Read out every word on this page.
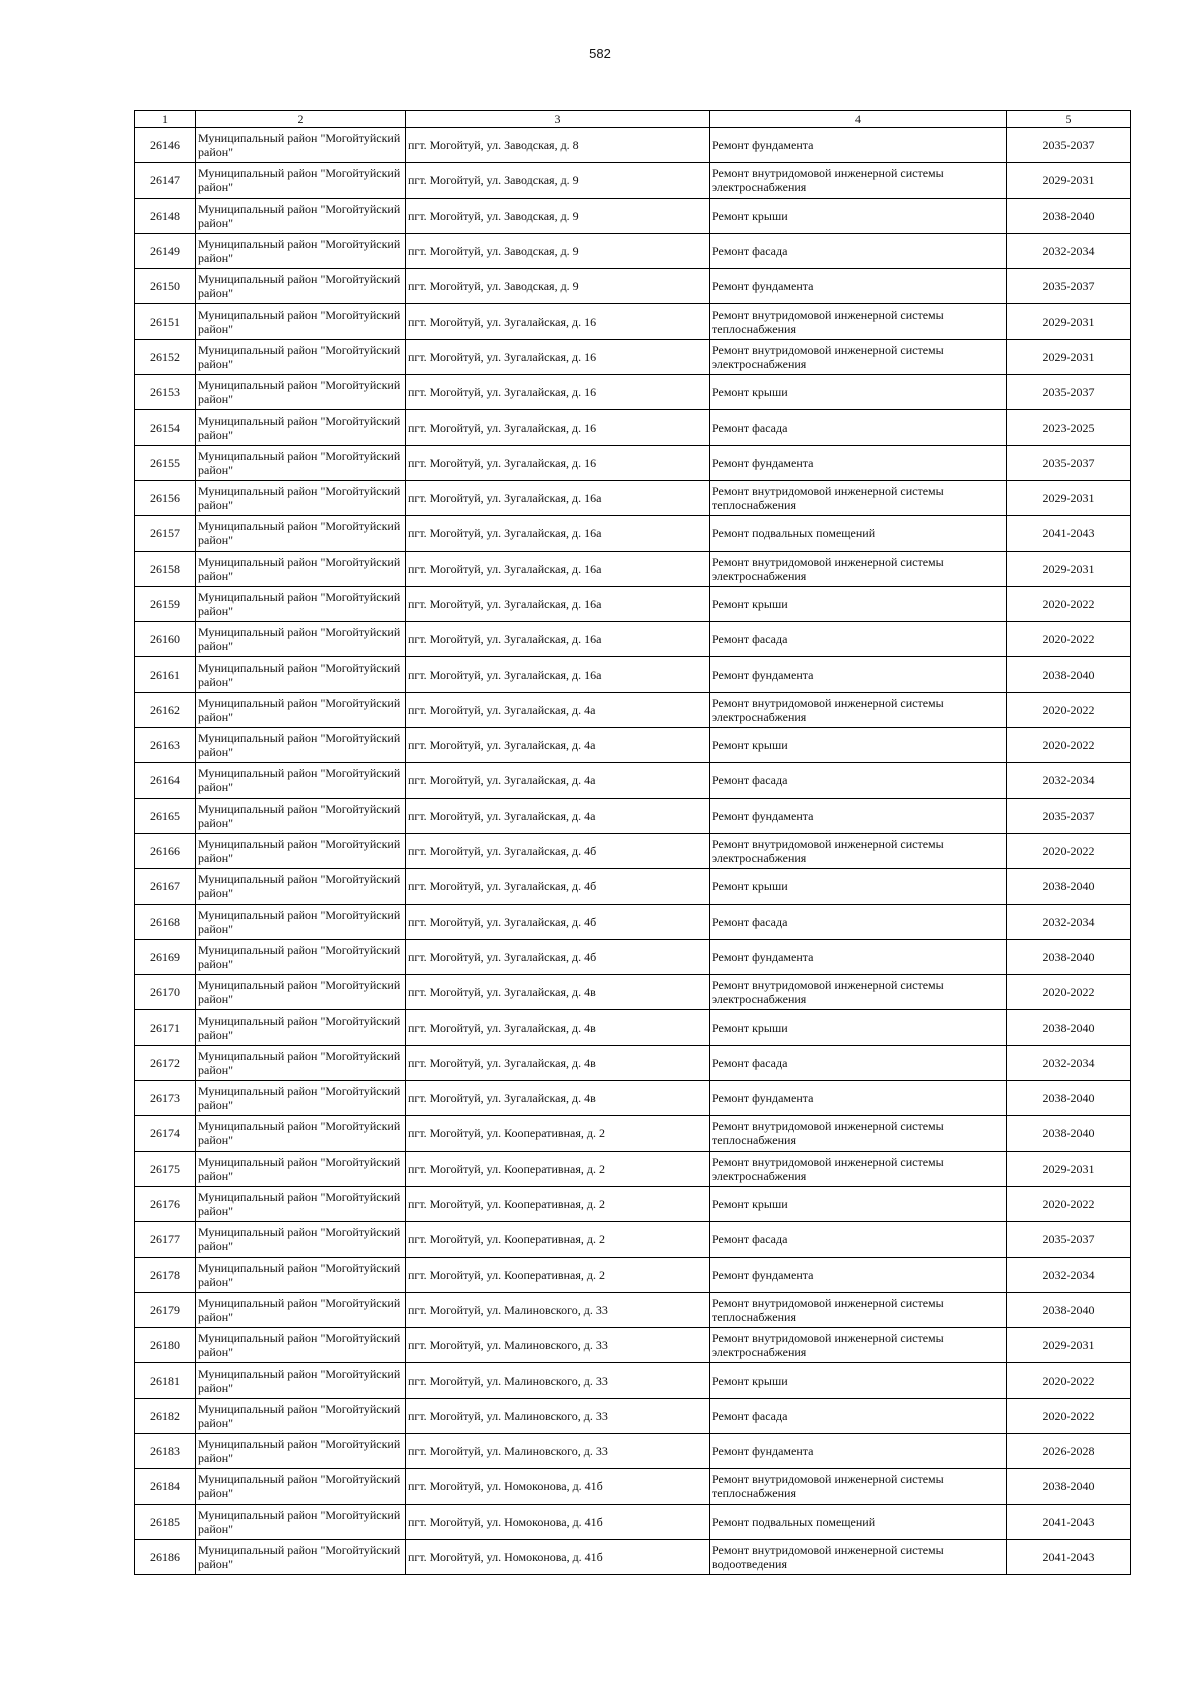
582
1	2	3	4	5
26146	Муниципальный район "Могойтуйский район"	пгт. Могойтуй, ул. Заводская, д. 8	Ремонт фундамента	2035-2037
26147	Муниципальный район "Могойтуйский район"	пгт. Могойтуй, ул. Заводская, д. 9	Ремонт внутридомовой инженерной системы электроснабжения	2029-2031
26148	Муниципальный район "Могойтуйский район"	пгт. Могойтуй, ул. Заводская, д. 9	Ремонт крыши	2038-2040
26149	Муниципальный район "Могойтуйский район"	пгт. Могойтуй, ул. Заводская, д. 9	Ремонт фасада	2032-2034
26150	Муниципальный район "Могойтуйский район"	пгт. Могойтуй, ул. Заводская, д. 9	Ремонт фундамента	2035-2037
26151	Муниципальный район "Могойтуйский район"	пгт. Могойтуй, ул. Зугалайская, д. 16	Ремонт внутридомовой инженерной системы теплоснабжения	2029-2031
26152	Муниципальный район "Могойтуйский район"	пгт. Могойтуй, ул. Зугалайская, д. 16	Ремонт внутридомовой инженерной системы электроснабжения	2029-2031
26153	Муниципальный район "Могойтуйский район"	пгт. Могойтуй, ул. Зугалайская, д. 16	Ремонт крыши	2035-2037
26154	Муниципальный район "Могойтуйский район"	пгт. Могойтуй, ул. Зугалайская, д. 16	Ремонт фасада	2023-2025
26155	Муниципальный район "Могойтуйский район"	пгт. Могойтуй, ул. Зугалайская, д. 16	Ремонт фундамента	2035-2037
26156	Муниципальный район "Могойтуйский район"	пгт. Могойтуй, ул. Зугалайская, д. 16а	Ремонт внутридомовой инженерной системы теплоснабжения	2029-2031
26157	Муниципальный район "Могойтуйский район"	пгт. Могойтуй, ул. Зугалайская, д. 16а	Ремонт подвальных помещений	2041-2043
26158	Муниципальный район "Могойтуйский район"	пгт. Могойтуй, ул. Зугалайская, д. 16а	Ремонт внутридомовой инженерной системы электроснабжения	2029-2031
26159	Муниципальный район "Могойтуйский район"	пгт. Могойтуй, ул. Зугалайская, д. 16а	Ремонт крыши	2020-2022
26160	Муниципальный район "Могойтуйский район"	пгт. Могойтуй, ул. Зугалайская, д. 16а	Ремонт фасада	2020-2022
26161	Муниципальный район "Могойтуйский район"	пгт. Могойтуй, ул. Зугалайская, д. 16а	Ремонт фундамента	2038-2040
26162	Муниципальный район "Могойтуйский район"	пгт. Могойтуй, ул. Зугалайская, д. 4а	Ремонт внутридомовой инженерной системы электроснабжения	2020-2022
26163	Муниципальный район "Могойтуйский район"	пгт. Могойтуй, ул. Зугалайская, д. 4а	Ремонт крыши	2020-2022
26164	Муниципальный район "Могойтуйский район"	пгт. Могойтуй, ул. Зугалайская, д. 4а	Ремонт фасада	2032-2034
26165	Муниципальный район "Могойтуйский район"	пгт. Могойтуй, ул. Зугалайская, д. 4а	Ремонт фундамента	2035-2037
26166	Муниципальный район "Могойтуйский район"	пгт. Могойтуй, ул. Зугалайская, д. 4б	Ремонт внутридомовой инженерной системы электроснабжения	2020-2022
26167	Муниципальный район "Могойтуйский район"	пгт. Могойтуй, ул. Зугалайская, д. 4б	Ремонт крыши	2038-2040
26168	Муниципальный район "Могойтуйский район"	пгт. Могойтуй, ул. Зугалайская, д. 4б	Ремонт фасада	2032-2034
26169	Муниципальный район "Могойтуйский район"	пгт. Могойтуй, ул. Зугалайская, д. 4б	Ремонт фундамента	2038-2040
26170	Муниципальный район "Могойтуйский район"	пгт. Могойтуй, ул. Зугалайская, д. 4в	Ремонт внутридомовой инженерной системы электроснабжения	2020-2022
26171	Муниципальный район "Могойтуйский район"	пгт. Могойтуй, ул. Зугалайская, д. 4в	Ремонт крыши	2038-2040
26172	Муниципальный район "Могойтуйский район"	пгт. Могойтуй, ул. Зугалайская, д. 4в	Ремонт фасада	2032-2034
26173	Муниципальный район "Могойтуйский район"	пгт. Могойтуй, ул. Зугалайская, д. 4в	Ремонт фундамента	2038-2040
26174	Муниципальный район "Могойтуйский район"	пгт. Могойтуй, ул. Кооперативная, д. 2	Ремонт внутридомовой инженерной системы теплоснабжения	2038-2040
26175	Муниципальный район "Могойтуйский район"	пгт. Могойтуй, ул. Кооперативная, д. 2	Ремонт внутридомовой инженерной системы электроснабжения	2029-2031
26176	Муниципальный район "Могойтуйский район"	пгт. Могойтуй, ул. Кооперативная, д. 2	Ремонт крыши	2020-2022
26177	Муниципальный район "Могойтуйский район"	пгт. Могойтуй, ул. Кооперативная, д. 2	Ремонт фасада	2035-2037
26178	Муниципальный район "Могойтуйский район"	пгт. Могойтуй, ул. Кооперативная, д. 2	Ремонт фундамента	2032-2034
26179	Муниципальный район "Могойтуйский район"	пгт. Могойтуй, ул. Малиновского, д. 33	Ремонт внутридомовой инженерной системы теплоснабжения	2038-2040
26180	Муниципальный район "Могойтуйский район"	пгт. Могойтуй, ул. Малиновского, д. 33	Ремонт внутридомовой инженерной системы электроснабжения	2029-2031
26181	Муниципальный район "Могойтуйский район"	пгт. Могойтуй, ул. Малиновского, д. 33	Ремонт крыши	2020-2022
26182	Муниципальный район "Могойтуйский район"	пгт. Могойтуй, ул. Малиновского, д. 33	Ремонт фасада	2020-2022
26183	Муниципальный район "Могойтуйский район"	пгт. Могойтуй, ул. Малиновского, д. 33	Ремонт фундамента	2026-2028
26184	Муниципальный район "Могойтуйский район"	пгт. Могойтуй, ул. Номоконова, д. 41б	Ремонт внутридомовой инженерной системы теплоснабжения	2038-2040
26185	Муниципальный район "Могойтуйский район"	пгт. Могойтуй, ул. Номоконова, д. 41б	Ремонт подвальных помещений	2041-2043
26186	Муниципальный район "Могойтуйский район"	пгт. Могойтуй, ул. Номоконова, д. 41б	Ремонт внутридомовой инженерной системы водоотведения	2041-2043
